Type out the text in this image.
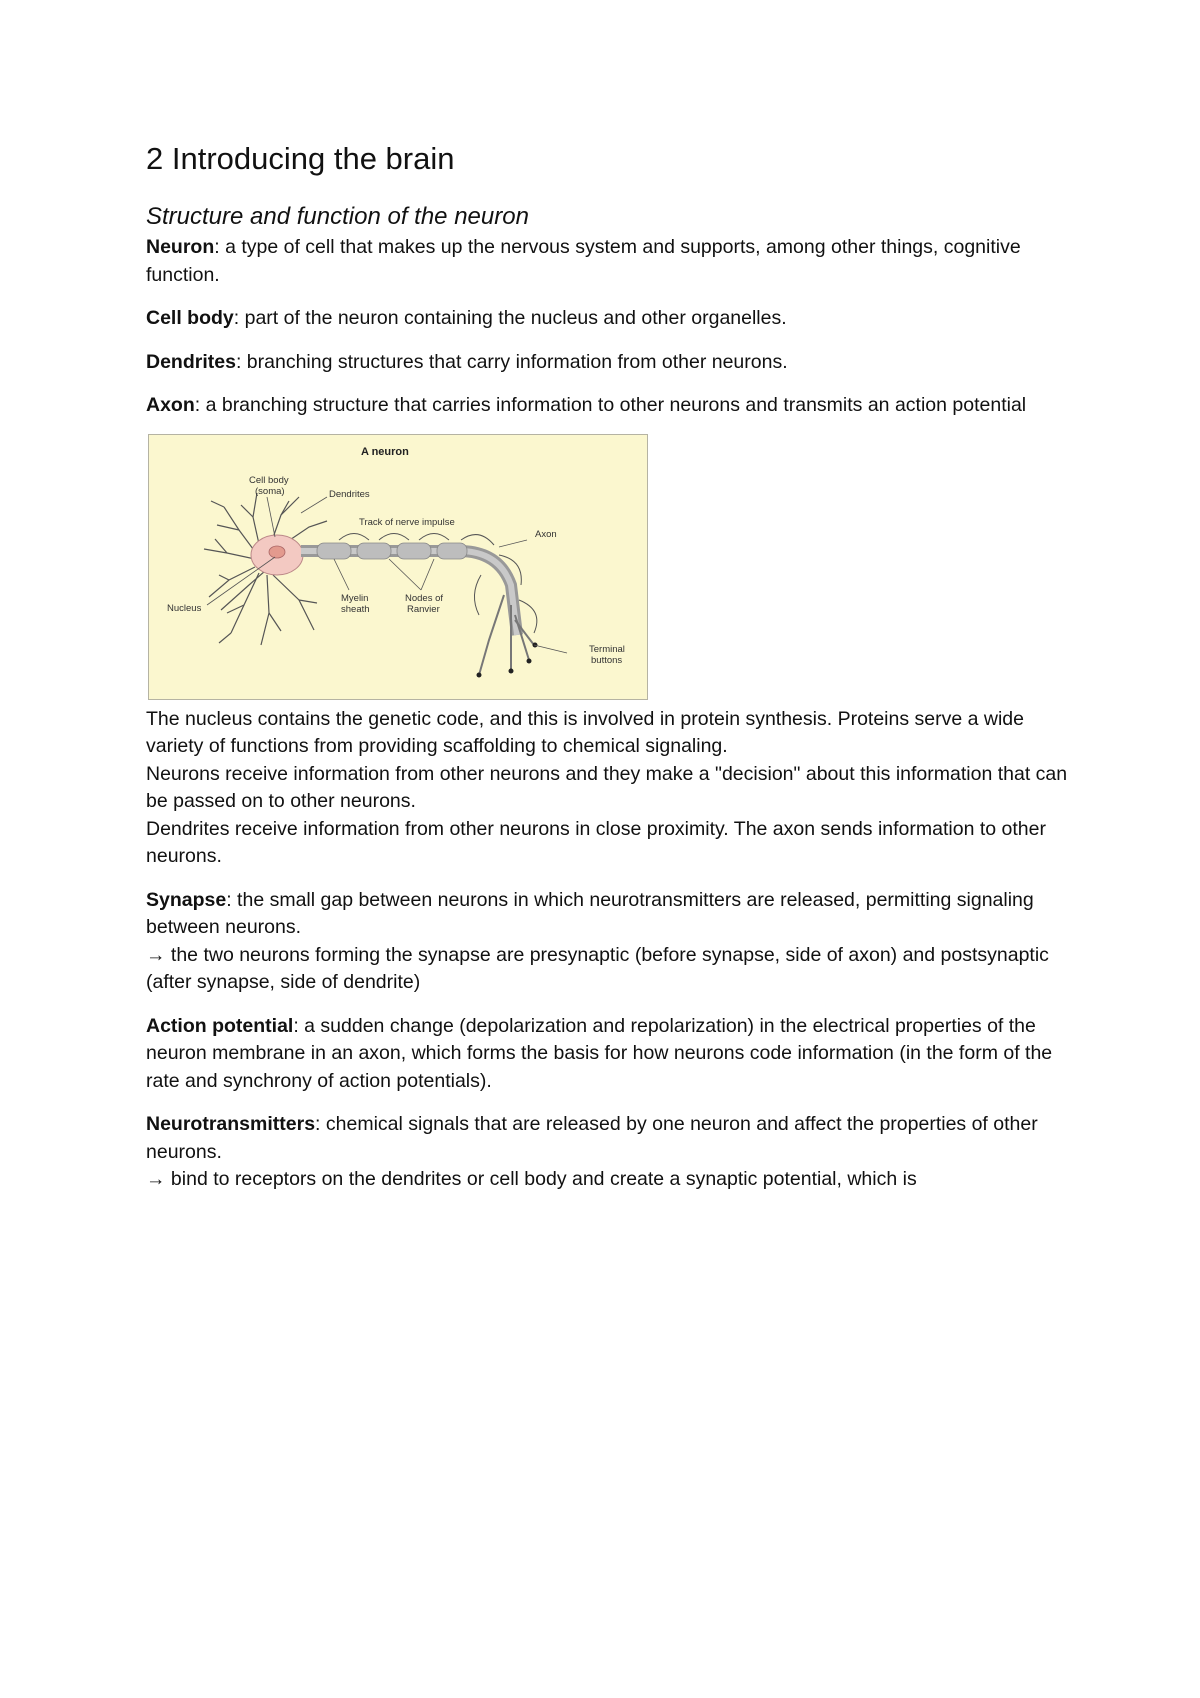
2 Introducing the brain
Structure and function of the neuron

Neuron: a type of cell that makes up the nervous system and supports, among other things, cognitive function.

Cell body: part of the neuron containing the nucleus and other organelles.

Dendrites: branching structures that carry information from other neurons.

Axon: a branching structure that carries information to other neurons and transmits an action potential

A neuron
Cell body
(soma)	Dendrites
Track of nerve impulse
Axon
Nucleus
Myelin
sheath
Nodes of
Ranvier
Terminal
buttons

The nucleus contains the genetic code, and this is involved in protein synthesis. Proteins serve a wide variety of functions from providing scaffolding to chemical signaling.

Neurons receive information from other neurons and they make a "decision" about this information that can be passed on to other neurons.

Dendrites receive information from other neurons in close proximity. The axon sends information to other neurons.

Synapse: the small gap between neurons in which neurotransmitters are released, permitting signaling between neurons.
→ the two neurons forming the synapse are presynaptic (before synapse, side of axon) and postsynaptic (after synapse, side of dendrite)

Action potential: a sudden change (depolarization and repolarization) in the electrical properties of the neuron membrane in an axon, which forms the basis for how neurons code information (in the form of the rate and synchrony of action potentials).

Neurotransmitters: chemical signals that are released by one neuron and affect the properties of other neurons.
→ bind to receptors on the dendrites or cell body and create a synaptic potential, which is
